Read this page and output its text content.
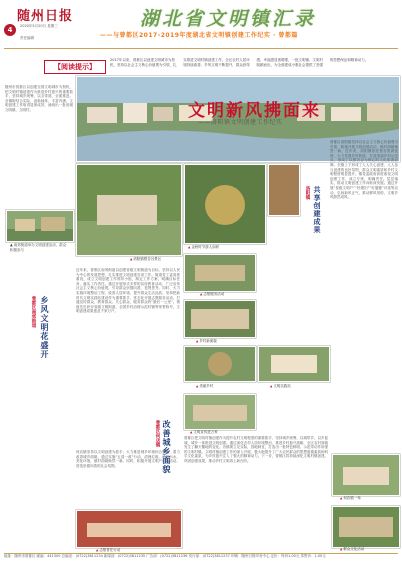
随州日报
4	2020年5月20日 星期三
责任编辑
湖北省文明镇汇录
——与曾都区2017-2019年度湖北省文明镇创建工作纪实 · 曾都篇
【阅读提示】
2017年以来，曾都区以创建文明城市为契机，坚持以社会主义核心价值观为引领，扎实推进文明村镇创建工作，全区农村人居环境持续改善，乡风文明不断提升，群众获得感、幸福感显著增强，一批文明镇、文明村脱颖而出，为全面建成小康社会提供了坚强的思想保证和精神动力。
随州市曾都区以创建全国文明城市为契机，把文明村镇创建作为推进乡村振兴的重要抓手，坚持城乡统筹，以点带面，全面推进。各镇街结合实际，创新载体，丰富内涵，文明创建工作取得显著成效，涌现出一批省级文明镇、文明村。
▲ 南郊街道举办文明创建活动，群众积极参与
文明新风拂面来
——洛阳镇文明创建工作纪实
▲ 洛阳镇银杏谷景区
▲ 金秋时节游人如织
曾都区洛阳镇坚持以社会主义核心价值观为引领，积极开展文明创建活动，镇村面貌焕然一新。近年来，洛阳镇依托银杏资源优势，大力发展乡村旅游，打造美丽乡村示范点，形成了以银杏谷为核心的文化旅游品牌。全镇上下形成了人人关心创建、人人参与创建的良好氛围，群众文明素质和乡村文明程度明显提升。镇党委政府高度重视文明创建工作，成立专班，明确责任，层层落实，推动文明创建工作向纵深发展。通过开展“星级文明户”“好媳妇”“好婆婆”评选等活动，弘扬新风正气，推动移风易俗，文明乡风蔚然成风。
共享创建成果
洛阳镇
▲ 志愿服务活动
▲ 乡村新面貌
▲ 美丽乡村
▲	文明实践站
▲ 文明宣传进万家
近年来，曾都区南郊街道以创建省级文明街道为目标，坚持以人民为中心的发展思想，扎实推进文明创建各项工作。街道党工委高度重视，成立文明创建工作领导小组，制定工作方案，明确目标任务，落实工作责任。通过开展形式多样的宣传教育活动，广泛宣传社会主义核心价值观，引导群众崇德向善、见贤思齐。同时，大力实施环境整治工程，改善人居环境，提升群众生活品质。坚持把新时代文明实践站建设作为重要抓手，常态化开展志愿服务活动，打通宣传群众、教育群众、关心群众、服务群众的“最后一公里”。街道先后获评省级文明街道、全国乡村治理示范村镇等荣誉称号，文明创建成果惠及千家万户。
乡风文明花盛开
曾都区南郊街道
何店镇坚持以文明创建为抓手，大力推进城乡环境综合整治，着力改善城乡面貌。通过实施“五清一改”行动，清理垃圾、治理污水、美化环境，镇村面貌焕然一新。同时，积极开展文明户评选活动，营造崇德向善的社会氛围。	改善城乡面貌
曾都区何店镇
▲ 志愿者在行动
曾都区把文明村镇创建作为提升农村文明程度的重要抓手，坚持城乡统筹、以城带乡、以乡促城，城乡一体推进文明创建。通过深化农村人居环境整治，推进乡村振兴战略，全区农村面貌发生了翻天覆地的变化。各镇街立足实际，因地制宜，打造出一批特色鲜明、示范带动作用强的文明村镇。文明村镇创建工作的深入开展，极大地提升了广大农民群众的思想道德素质和科学文化素质，为乡村振兴注入了强大的精神动力。下一步，曾都区将持续深化文明村镇创建，巩固创建成果，推动乡村文明再上新台阶。
▲ 何店镇一角
▲ 群众文化活动
地址：随州市曾都区 邮编：441300 总编室：(0722)3811234 新闻部：(0722)3811235 广告部：(0722)3811236 发行部：(0722)3811237 印刷：随州日报印务中心 定价：每份1.00元 零售价：1.00元
